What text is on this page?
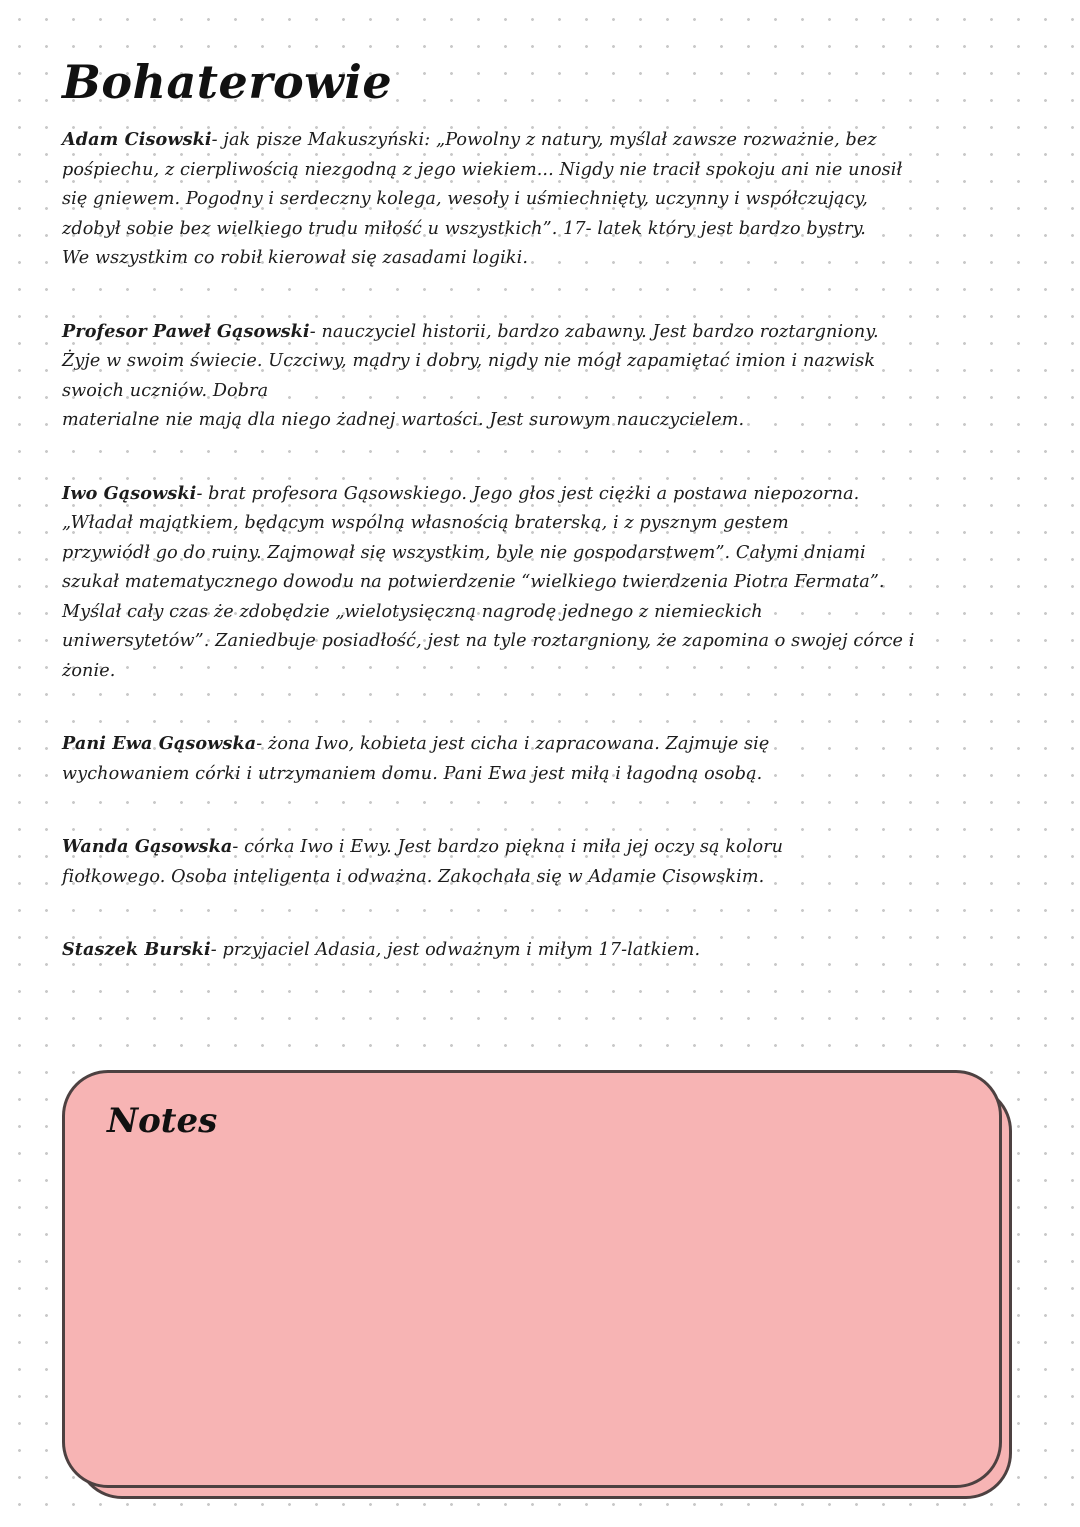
Bohaterowie

Adam Cisowski- jak pisze Makuszyński: „Powolny z natury, myślał zawsze rozważnie, bez
pośpiechu, z cierpliwością niezgodną z jego wiekiem... Nigdy nie tracił spokoju ani nie unosił
się gniewem. Pogodny i serdeczny kolega, wesoły i uśmiechnięty, uczynny i współczujący,
zdobył sobie bez wielkiego trudu miłość u wszystkich”. 17- latek który jest bardzo bystry.
We wszystkim co robił kierował się zasadami logiki.

Profesor Paweł Gąsowski- nauczyciel historii, bardzo zabawny. Jest bardzo roztargniony.
Żyje w swoim świecie. Uczciwy, mądry i dobry, nigdy nie mógł zapamiętać imion i nazwisk
swoich uczniów. Dobra
materialne nie mają dla niego żadnej wartości. Jest surowym nauczycielem.

Iwo Gąsowski- brat profesora Gąsowskiego. Jego głos jest ciężki a postawa niepozorna.
„Władał majątkiem, będącym wspólną własnością braterską, i z pysznym gestem
przywiódł go do ruiny. Zajmował się wszystkim, byle nie gospodarstwem”. Całymi dniami
szukał matematycznego dowodu na potwierdzenie “wielkiego twierdzenia Piotra Fermata”.
Myślał cały czas że zdobędzie „wielotysięczną nagrodę jednego z niemieckich
uniwersytetów”. Zaniedbuje posiadłość, jest na tyle roztargniony, że zapomina o swojej córce i
żonie.

Pani Ewa Gąsowska- żona Iwo, kobieta jest cicha i zapracowana. Zajmuje się
wychowaniem córki i utrzymaniem domu. Pani Ewa jest miłą i łagodną osobą.

Wanda Gąsowska- córka Iwo i Ewy. Jest bardzo piękna i miła jej oczy są koloru
fiołkowego. Osoba inteligenta i odważna. Zakochała się w Adamie Cisowskim.

Staszek Burski- przyjaciel Adasia, jest odważnym i miłym 17-latkiem.

Notes
